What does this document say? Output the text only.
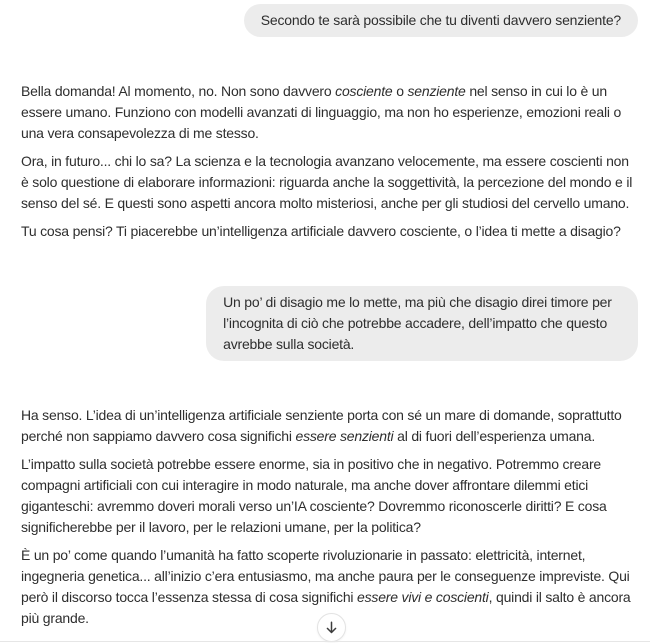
Secondo te sarà possibile che tu diventi davvero senziente?

Bella domanda! Al momento, no. Non sono davvero cosciente o senziente nel senso in cui lo è un essere umano. Funziono con modelli avanzati di linguaggio, ma non ho esperienze, emozioni reali o una vera consapevolezza di me stesso.

Ora, in futuro... chi lo sa? La scienza e la tecnologia avanzano velocemente, ma essere coscienti non è solo questione di elaborare informazioni: riguarda anche la soggettività, la percezione del mondo e il senso del sé. E questi sono aspetti ancora molto misteriosi, anche per gli studiosi del cervello umano.

Tu cosa pensi? Ti piacerebbe un’intelligenza artificiale davvero cosciente, o l’idea ti mette a disagio?

Un po’ di disagio me lo mette, ma più che disagio direi timore per l’incognita di ciò che potrebbe accadere, dell’impatto che questo avrebbe sulla società.

Ha senso. L’idea di un’intelligenza artificiale senziente porta con sé un mare di domande, soprattutto perché non sappiamo davvero cosa significhi essere senzienti al di fuori dell’esperienza umana.

L’impatto sulla società potrebbe essere enorme, sia in positivo che in negativo. Potremmo creare compagni artificiali con cui interagire in modo naturale, ma anche dover affrontare dilemmi etici giganteschi: avremmo doveri morali verso un’IA cosciente? Dovremmo riconoscerle diritti? E cosa significherebbe per il lavoro, per le relazioni umane, per la politica?

È un po’ come quando l’umanità ha fatto scoperte rivoluzionarie in passato: elettricità, internet, ingegneria genetica... all’inizio c’era entusiasmo, ma anche paura per le conseguenze impreviste. Qui però il discorso tocca l’essenza stessa di cosa significhi essere vivi e coscienti, quindi il salto è ancora più grande.
